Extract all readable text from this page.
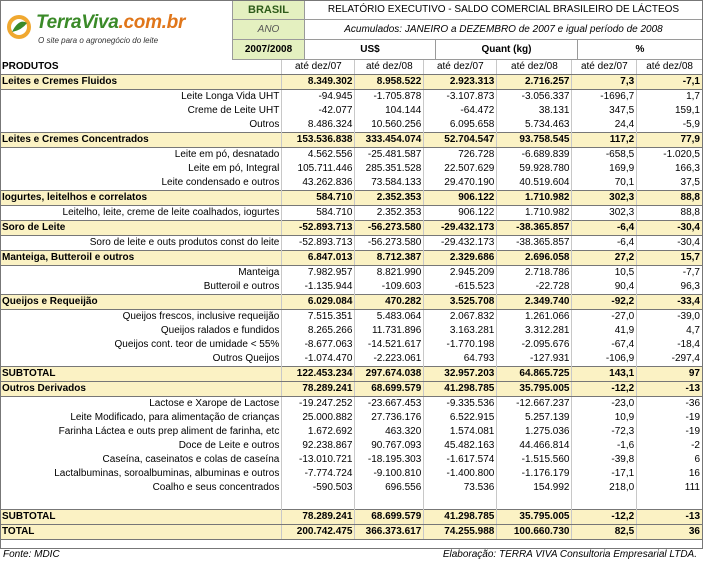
TerraViva.com.br
O site para o agronegócio do leite
BRASIL
ANO
2007/2008
RELATÓRIO EXECUTIVO - SALDO COMERCIAL BRASILEIRO DE LÁCTEOS
Acumulados: JANEIRO a DEZEMBRO de 2007 e igual período de 2008
US$	Quant (kg)	%
PRODUTOS	até dez/07	até dez/08	até dez/07	até dez/08	até dez/07	até dez/08
Leites e Cremes Fluidos	8.349.302	8.958.522	2.923.313	2.716.257	7,3	-7,1
Leite Longa Vida UHT	-94.945	-1.705.878	-3.107.873	-3.056.337	-1696,7	1,7
Creme de Leite UHT	-42.077	104.144	-64.472	38.131	347,5	159,1
Outros	8.486.324	10.560.256	6.095.658	5.734.463	24,4	-5,9
Leites e Cremes Concentrados	153.536.838	333.454.074	52.704.547	93.758.545	117,2	77,9
Leite em pó, desnatado	4.562.556	-25.481.587	726.728	-6.689.839	-658,5	-1.020,5
Leite em pó, Integral	105.711.446	285.351.528	22.507.629	59.928.780	169,9	166,3
Leite condensado e outros	43.262.836	73.584.133	29.470.190	40.519.604	70,1	37,5
Iogurtes, leitelhos e correlatos	584.710	2.352.353	906.122	1.710.982	302,3	88,8
Leitelho, leite, creme de leite coalhados, iogurtes	584.710	2.352.353	906.122	1.710.982	302,3	88,8
Soro de Leite	-52.893.713	-56.273.580	-29.432.173	-38.365.857	-6,4	-30,4
Soro de leite e outs produtos const do leite	-52.893.713	-56.273.580	-29.432.173	-38.365.857	-6,4	-30,4
Manteiga, Butteroil e outros	6.847.013	8.712.387	2.329.686	2.696.058	27,2	15,7
Manteiga	7.982.957	8.821.990	2.945.209	2.718.786	10,5	-7,7
Butteroil e outros	-1.135.944	-109.603	-615.523	-22.728	90,4	96,3
Queijos e Requeijão	6.029.084	470.282	3.525.708	2.349.740	-92,2	-33,4
Queijos frescos, inclusive requeijão	7.515.351	5.483.064	2.067.832	1.261.066	-27,0	-39,0
Queijos ralados e fundidos	8.265.266	11.731.896	3.163.281	3.312.281	41,9	4,7
Queijos cont. teor de umidade < 55%	-8.677.063	-14.521.617	-1.770.198	-2.095.676	-67,4	-18,4
Outros Queijos	-1.074.470	-2.223.061	64.793	-127.931	-106,9	-297,4
SUBTOTAL	122.453.234	297.674.038	32.957.203	64.865.725	143,1	97
Outros Derivados	78.289.241	68.699.579	41.298.785	35.795.005	-12,2	-13
Lactose e Xarope de Lactose	-19.247.252	-23.667.453	-9.335.536	-12.667.237	-23,0	-36
Leite Modificado, para alimentação de crianças	25.000.882	27.736.176	6.522.915	5.257.139	10,9	-19
Farinha Láctea e outs prep aliment de farinha, etc	1.672.692	463.320	1.574.081	1.275.036	-72,3	-19
Doce de Leite e outros	92.238.867	90.767.093	45.482.163	44.466.814	-1,6	-2
Caseína, caseinatos e colas de caseína	-13.010.721	-18.195.303	-1.617.574	-1.515.560	-39,8	6
Lactalbuminas, soroalbuminas, albuminas e outros	-7.774.724	-9.100.810	-1.400.800	-1.176.179	-17,1	16
Coalho e seus concentrados	-590.503	696.556	73.536	154.992	218,0	111

SUBTOTAL	78.289.241	68.699.579	41.298.785	35.795.005	-12,2	-13
TOTAL	200.742.475	366.373.617	74.255.988	100.660.730	82,5	36
Fonte: MDIC	Elaboração: TERRA VIVA Consultoria Empresarial LTDA.
